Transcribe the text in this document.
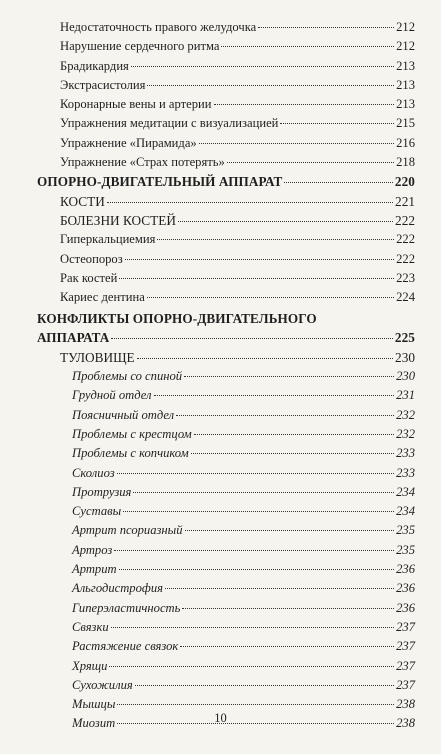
Недостаточность правого желудочка	212
Нарушение сердечного ритма	212
Брадикардия	213
Экстрасистолия	213
Коронарные вены и артерии	213
Упражнения медитации с визуализацией	215
Упражнение «Пирамида»	216
Упражнение «Страх потерять»	218
ОПОРНО-ДВИГАТЕЛЬНЫЙ АППАРАТ	220
КОСТИ	221
БОЛЕЗНИ КОСТЕЙ	222
Гиперкальциемия	222
Остеопороз	222
Рак костей	223
Кариес дентина	224
КОНФЛИКТЫ ОПОРНО-ДВИГАТЕЛЬНОГО
АППАРАТА	225
ТУЛОВИЩЕ	230
Проблемы со спиной	230
Грудной отдел	231
Поясничный отдел	232
Проблемы с крестцом	232
Проблемы с копчиком	233
Сколиоз	233
Протрузия	234
Суставы	234
Артрит псориазный	235
Артроз	235
Артрит	236
Альгодистрофия	236
Гиперэластичность	236
Связки	237
Растяжение связок	237
Хрящи	237
Сухожилия	237
Мышцы	238
Миозит	238
10
